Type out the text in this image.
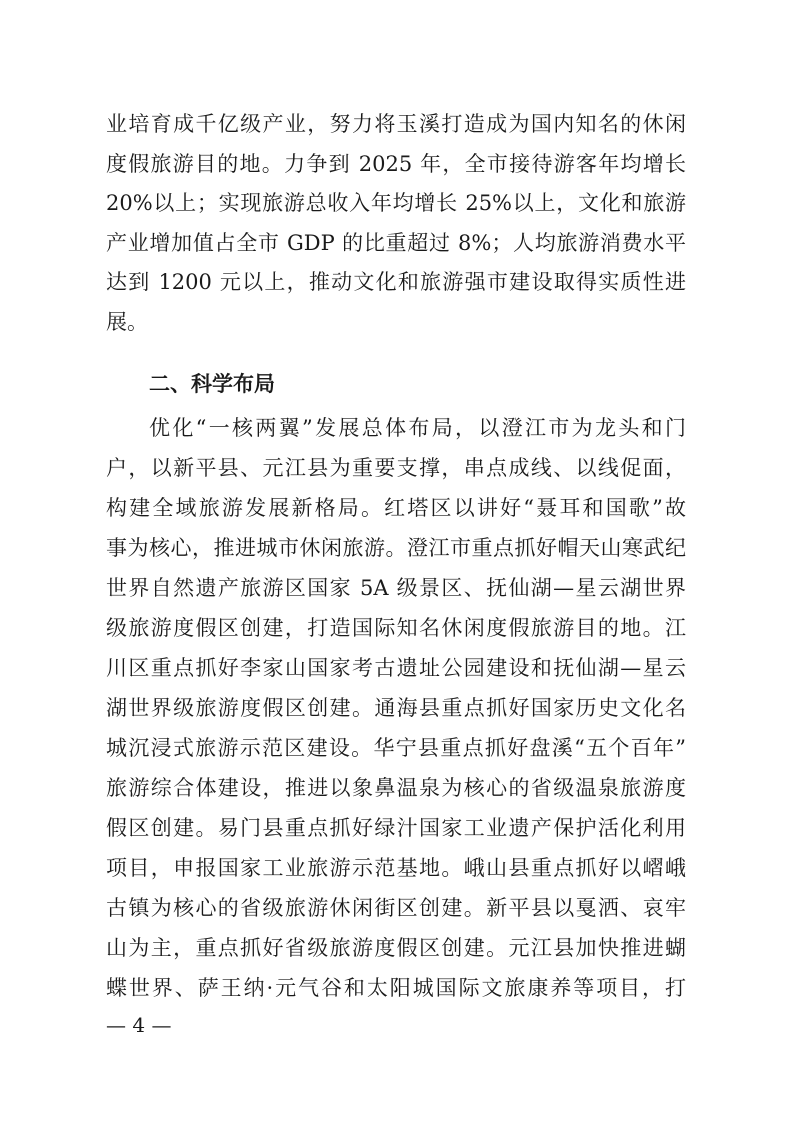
业培育成千亿级产业，努力将玉溪打造成为国内知名的休闲
度假旅游目的地。力争到 2025 年，全市接待游客年均增长
20%以上；实现旅游总收入年均增长 25%以上，文化和旅游
产业增加值占全市 GDP 的比重超过 8%；人均旅游消费水平
达到 1200 元以上，推动文化和旅游强市建设取得实质性进
展。
二、科学布局
优化“一核两翼”发展总体布局，以澄江市为龙头和门
户，以新平县、元江县为重要支撑，串点成线、以线促面，
构建全域旅游发展新格局。红塔区以讲好“聂耳和国歌”故
事为核心，推进城市休闲旅游。澄江市重点抓好帽天山寒武纪
世界自然遗产旅游区国家 5A 级景区、抚仙湖—星云湖世界
级旅游度假区创建，打造国际知名休闲度假旅游目的地。江
川区重点抓好李家山国家考古遗址公园建设和抚仙湖—星云
湖世界级旅游度假区创建。通海县重点抓好国家历史文化名
城沉浸式旅游示范区建设。华宁县重点抓好盘溪“五个百年”
旅游综合体建设，推进以象鼻温泉为核心的省级温泉旅游度
假区创建。易门县重点抓好绿汁国家工业遗产保护活化利用
项目，申报国家工业旅游示范基地。峨山县重点抓好以嶍峨
古镇为核心的省级旅游休闲街区创建。新平县以戛洒、哀牢
山为主，重点抓好省级旅游度假区创建。元江县加快推进蝴
蝶世界、萨王纳·元气谷和太阳城国际文旅康养等项目，打
— 4 —
